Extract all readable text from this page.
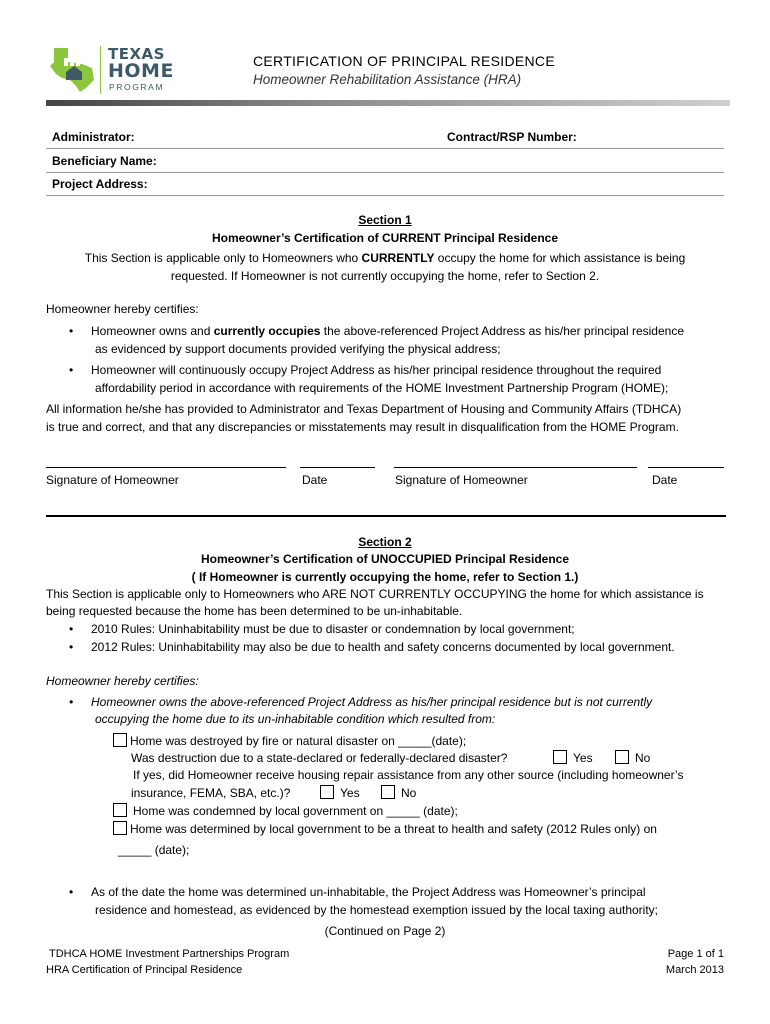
TEXAS
HOME
PROGRAM
CERTIFICATION OF PRINCIPAL RESIDENCE
Homeowner Rehabilitation Assistance (HRA)
Administrator:	Contract/RSP Number:
Beneficiary Name:
Project Address:
Section 1
Homeowner’s Certification of CURRENT Principal Residence
This Section is applicable only to Homeowners who CURRENTLY occupy the home for which assistance is being
requested. If Homeowner is not currently occupying the home, refer to Section 2.
Homeowner hereby certifies:
• Homeowner owns and currently occupies the above-referenced Project Address as his/her principal residence
as evidenced by support documents provided verifying the physical address;
• Homeowner will continuously occupy Project Address as his/her principal residence throughout the required
affordability period in accordance with requirements of the HOME Investment Partnership Program (HOME);
All information he/she has provided to Administrator and Texas Department of Housing and Community Affairs (TDHCA)
is true and correct, and that any discrepancies or misstatements may result in disqualification from the HOME Program.
Signature of Homeowner	Date	Signature of Homeowner	Date
Section 2
Homeowner’s Certification of UNOCCUPIED Principal Residence
( If Homeowner is currently occupying the home, refer to Section 1.)
This Section is applicable only to Homeowners who ARE NOT CURRENTLY OCCUPYING the home for which assistance is
being requested because the home has been determined to be un-inhabitable.
• 2010 Rules: Uninhabitability must be due to disaster or condemnation by local government;
• 2012 Rules: Uninhabitability may also be due to health and safety concerns documented by local government.
Homeowner hereby certifies:
• Homeowner owns the above-referenced Project Address as his/her principal residence but is not currently
occupying the home due to its un-inhabitable condition which resulted from:
Home was destroyed by fire or natural disaster on _____(date);
Was destruction due to a state-declared or federally-declared disaster?	Yes	No
If yes, did Homeowner receive housing repair assistance from any other source (including homeowner’s
insurance, FEMA, SBA, etc.)?	Yes	No
Home was condemned by local government on _____ (date);
Home was determined by local government to be a threat to health and safety (2012 Rules only) on
_____ (date);
• As of the date the home was determined un-inhabitable, the Project Address was Homeowner’s principal
residence and homestead, as evidenced by the homestead exemption issued by the local taxing authority;
(Continued on Page 2)
TDHCA HOME Investment Partnerships Program
HRA Certification of Principal Residence
Page 1 of 1
March 2013
